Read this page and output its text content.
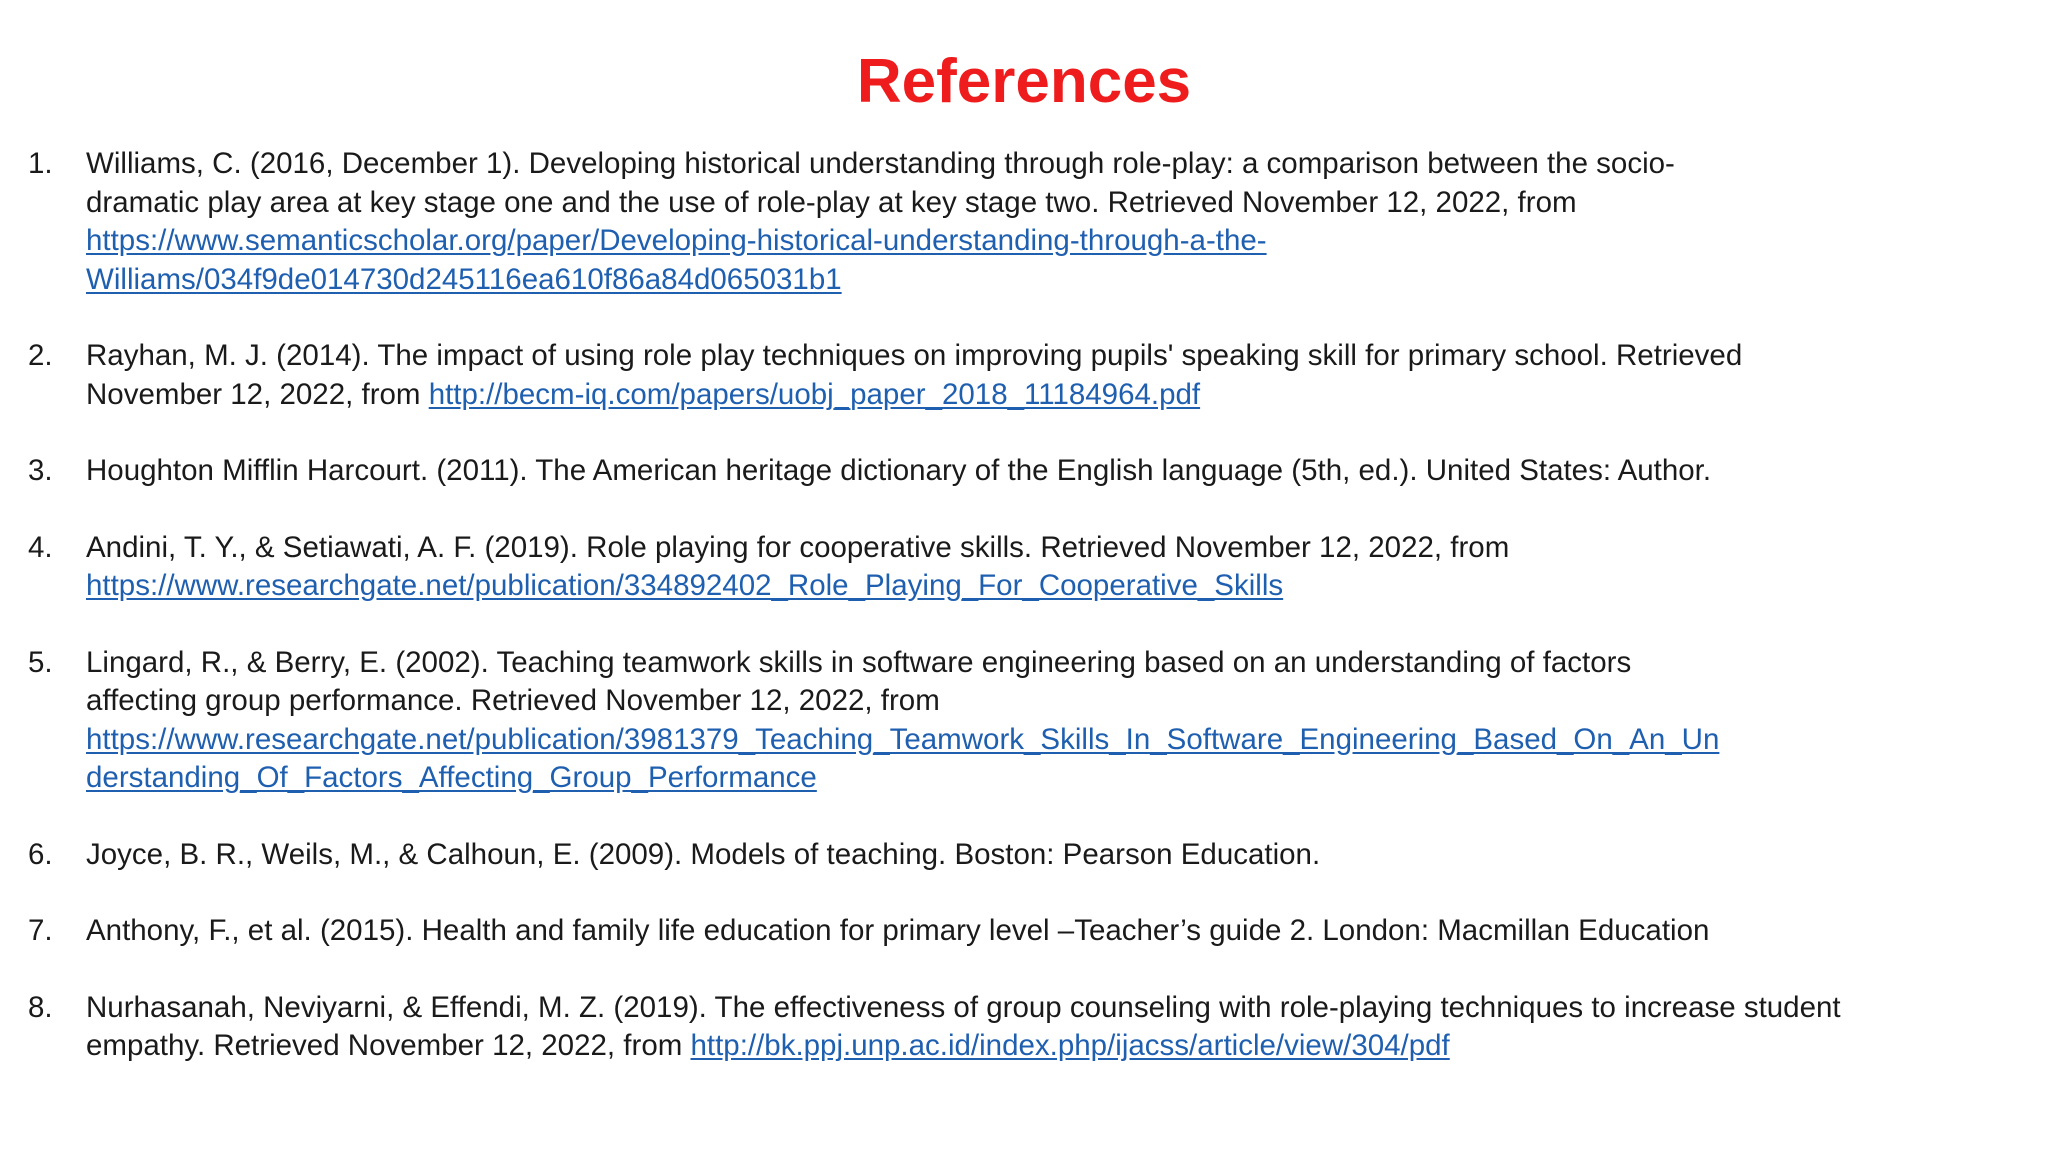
References
1. Williams, C. (2016, December 1). Developing historical understanding through role-play: a comparison between the socio-
dramatic play area at key stage one and the use of role-play at key stage two. Retrieved November 12, 2022, from
https://www.semanticscholar.org/paper/Developing-historical-understanding-through-a-the-
Williams/034f9de014730d245116ea610f86a84d065031b1
2. Rayhan, M. J. (2014). The impact of using role play techniques on improving pupils' speaking skill for primary school. Retrieved
November 12, 2022, from http://becm-iq.com/papers/uobj_paper_2018_11184964.pdf
3. Houghton Mifflin Harcourt. (2011). The American heritage dictionary of the English language (5th, ed.). United States: Author.
4. Andini, T. Y., & Setiawati, A. F. (2019). Role playing for cooperative skills. Retrieved November 12, 2022, from
https://www.researchgate.net/publication/334892402_Role_Playing_For_Cooperative_Skills
5. Lingard, R., & Berry, E. (2002). Teaching teamwork skills in software engineering based on an understanding of factors
affecting group performance. Retrieved November 12, 2022, from
https://www.researchgate.net/publication/3981379_Teaching_Teamwork_Skills_In_Software_Engineering_Based_On_An_Un
derstanding_Of_Factors_Affecting_Group_Performance
6. Joyce, B. R., Weils, M., & Calhoun, E. (2009). Models of teaching. Boston: Pearson Education.
7. Anthony, F., et al. (2015). Health and family life education for primary level –Teacher’s guide 2. London: Macmillan Education
8. Nurhasanah, Neviyarni, & Effendi, M. Z. (2019). The effectiveness of group counseling with role-playing techniques to increase student
empathy. Retrieved November 12, 2022, from http://bk.ppj.unp.ac.id/index.php/ijacss/article/view/304/pdf
